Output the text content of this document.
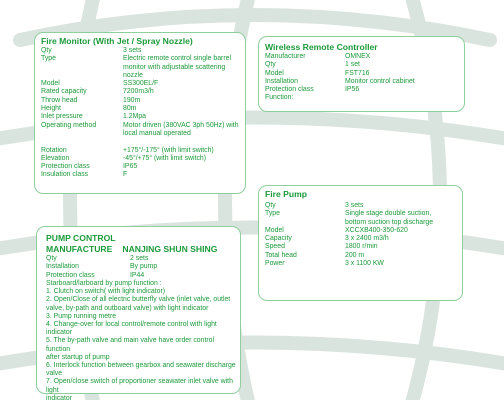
Fire Monitor (With Jet / Spray Nozzle)
Qty	3 sets
Type	Electric remote control single barrel
monitor with adjustable scattering
nozzle
Model	SS300EL/F
Rated capacity	7200m3/h
Throw head	190m
Height	80m
Inlet pressure	1.2Mpa
Operating method	Motor driven (380VAC 3ph 50Hz) with
local manual operated

Rotation	+175°/-175° (with limit switch)
Elevation	-45°/+75° (with limit switch)
Protection class	IP65
Insulation class	F
Wireless Remote Controller
Manufacturer	OMNEX
Qty	1 set
Model	FST716
Installation	Monitor control cabinet
Protection class	IP56
Function:

Fire Pump
Qty	3 sets
Type	Single stage double suction,
bottom suction top discharge
Model	XCCXB400-350-620
Capacity	3 x 2400 m3/h
Speed	1800 r/min
Total head	200 m
Power	3 x 1100 KW
PUMP CONTROL
MANUFACTURE NANJING SHUN SHING
Qty	2 sets
Installation	By pump
Protection class	IP44
Starboard/larboard by pump function :
1. Clutch on switch( with light indicator)
2. Open/Close of all electric butterfly valve (inlet valve, outlet
valve, by-path and outboard valve) with light indicator
3. Pump running metre
4. Change-over for local control/remote control with light indicator
5. The by-path valve and main valve have order control function
after startup of pump
6. Interlock function between gearbox and seawater discharge
valve
7. Open/close switch of proportioner seawater inlet valve with light
indicator
